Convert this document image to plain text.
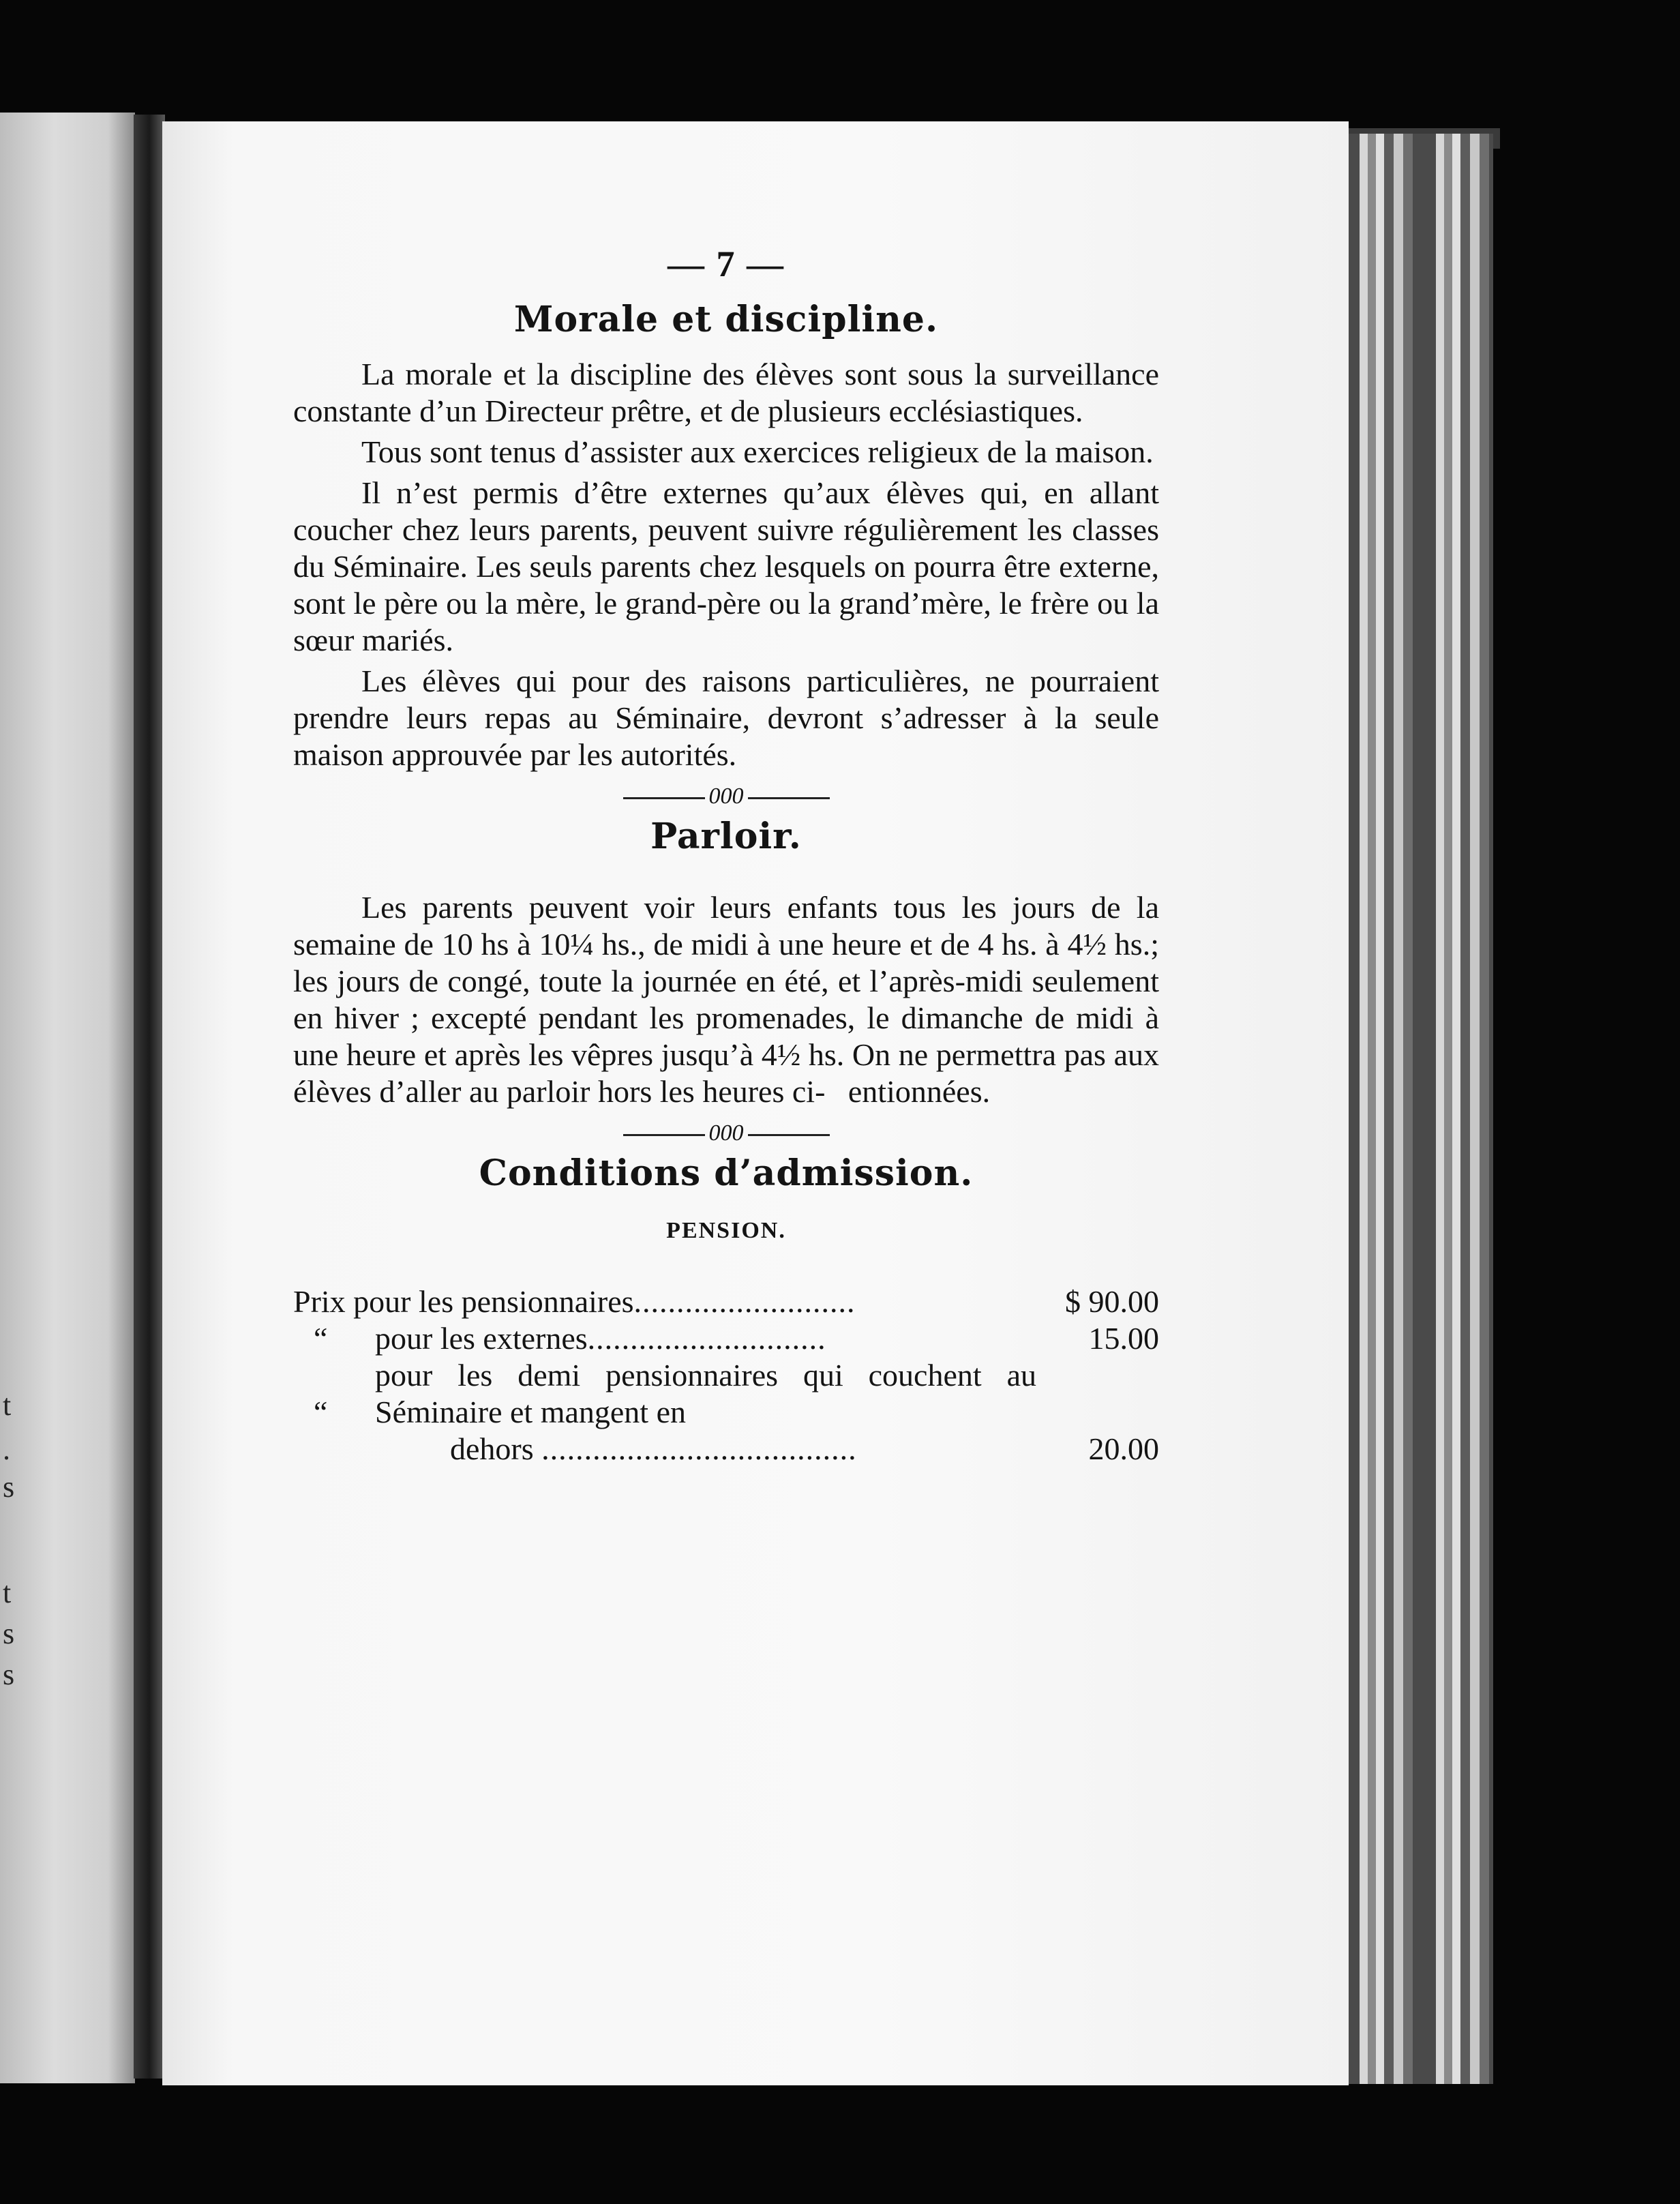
t
.
s
t
s
s
— 7 —
Morale et discipline.

La morale et la discipline des élèves sont sous la surveillance constante d’un Directeur prêtre, et de plusieurs ecclésiastiques.

Tous sont tenus d’assister aux exercices religieux de la maison.

Il n’est permis d’être externes qu’aux élèves qui, en allant coucher chez leurs parents, peuvent suivre régulièrement les classes du Séminaire. Les seuls parents chez lesquels on pourra être externe, sont le père ou la mère, le grand-père ou la grand’mère, le frère ou la sœur mariés.

Les élèves qui pour des raisons particulières, ne pourraient prendre leurs repas au Séminaire, devront s’adresser à la seule maison approuvée par les autorités.

000
Parloir.

Les parents peuvent voir leurs enfants tous les jours de la semaine de 10 hs à 10¼ hs., de midi à une heure et de 4 hs. à 4½ hs.; les jours de congé, toute la journée en été, et l’après-midi seulement en hiver ; excepté pendant les promenades, le dimanche de midi à une heure et après les vêpres jusqu’à 4½ hs. On ne permettra pas aux élèves d’aller au parloir hors les heures ci- entionnées.

000
Conditions d’admission.
PENSION.
Prix pour les pensionnaires..........................		$ 90.00
“	pour les externes............................	15.00
“	pour les demi pensionnaires qui couchent au Séminaire et mangent en	
	dehors .....................................	20.00
